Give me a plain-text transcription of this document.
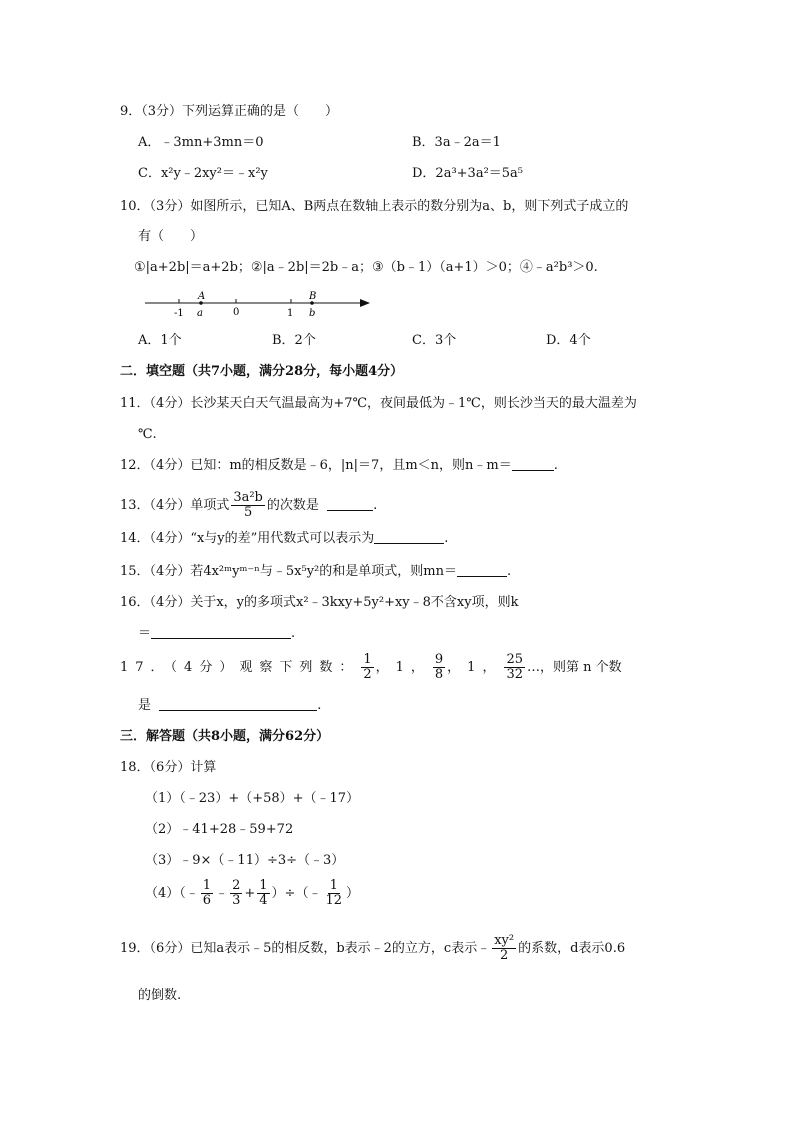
9．（3分）下列运算正确的是（　　）
A．﹣3mn+3mn＝0	B．3a﹣2a＝1
C．x²y﹣2xy²＝﹣x²y	D．2a³+3a²＝5a⁵
10．（3分）如图所示，已知A、B两点在数轴上表示的数分别为a、b，则下列式子成立的
有（　　）
①|a+2b|＝a+2b；②|a﹣2b|＝2b﹣a；③（b﹣1）（a+1）＞0；④﹣a²b³＞0.
A	B
-1 a	0	1 b
A．1个	B．2个	C．3个	D．4个
二．填空题（共7小题，满分28分，每小题4分）
11．（4分）长沙某天白天气温最高为+7℃，夜间最低为﹣1℃，则长沙当天的最大温差为
℃.
12．（4分）已知：m的相反数是﹣6，|n|＝7，且m＜n，则n﹣m＝	.
13．（4分）单项式 $\frac{\text{3a²b}}{5}$ 的次数是	.
14．（4分）“x与y的差”用代数式可以表示为	.
15．（4分）若4x²ᵐyᵐ⁻ⁿ与﹣5x⁵y²的和是单项式，则mn＝	.
16．（4分）关于x，y的多项式x²﹣3kxy+5y²+xy﹣8不含xy项，则k
＝	.
17．（4分）观察下列数： $\frac{1}{2}$ ，1， $\frac{9}{8}$ ，1， $\frac{25}{32}$ …，则第 n 个数
是	.
三．解答题（共8小题，满分62分）
18．（6分）计算
（1）（﹣23）+（+58）+（﹣17）
（2）﹣41+28﹣59+72
（3）﹣9×（﹣11）÷3÷（﹣3）
（4）（﹣ $\frac{1}{6}$ ﹣ $\frac{2}{3} + \frac{1}{4}$ ）÷（﹣ $\frac{1}{12}$ ）
19．（6分）已知a表示﹣5的相反数，b表示﹣2的立方，c表示﹣ $\frac{\text{xy²}}{2}$ 的系数，d表示0.6
的倒数.
